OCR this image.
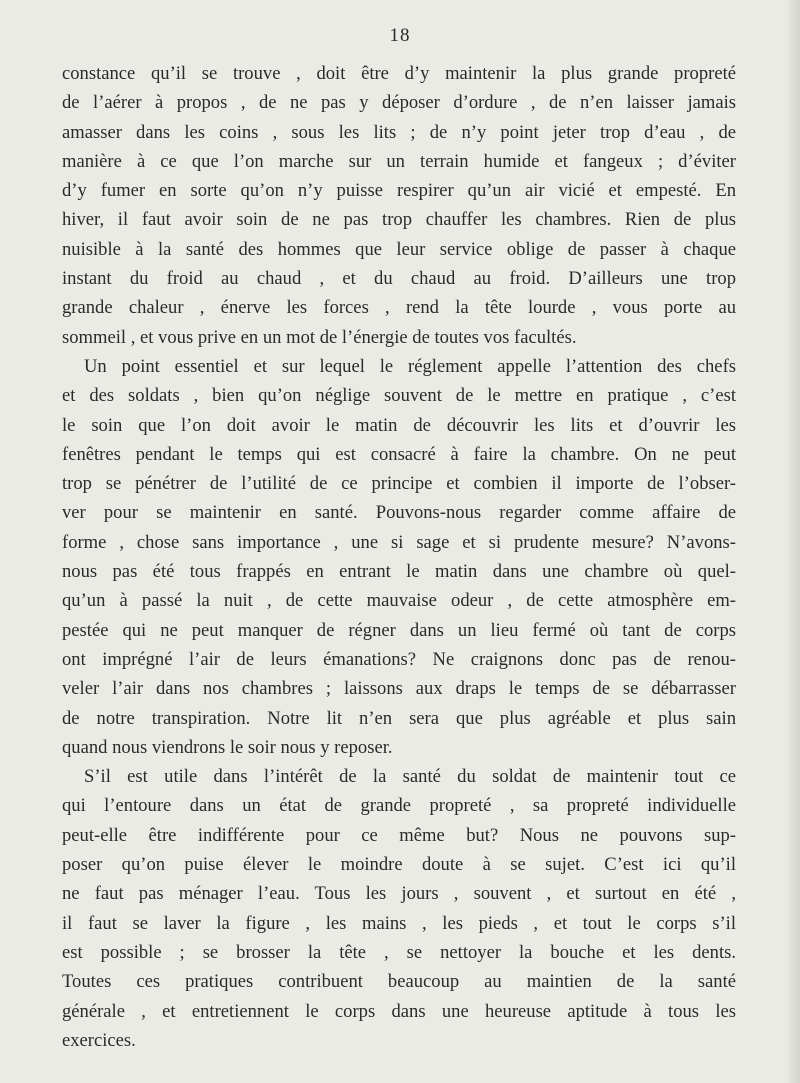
18
constance qu’il se trouve , doit être d’y maintenir la plus grande propreté
de l’aérer à propos , de ne pas y déposer d’ordure , de n’en laisser jamais
amasser dans les coins , sous les lits ; de n’y point jeter trop d’eau , de
manière à ce que l’on marche sur un terrain humide et fangeux ; d’éviter
d’y fumer en sorte qu’on n’y puisse respirer qu’un air vicié et empesté. En
hiver, il faut avoir soin de ne pas trop chauffer les chambres. Rien de plus
nuisible à la santé des hommes que leur service oblige de passer à chaque
instant du froid au chaud , et du chaud au froid. D’ailleurs une trop
grande chaleur , énerve les forces , rend la tête lourde , vous porte au
sommeil , et vous prive en un mot de l’énergie de toutes vos facultés.
Un point essentiel et sur lequel le réglement appelle l’attention des chefs
et des soldats , bien qu’on néglige souvent de le mettre en pratique , c’est
le soin que l’on doit avoir le matin de découvrir les lits et d’ouvrir les
fenêtres pendant le temps qui est consacré à faire la chambre. On ne peut
trop se pénétrer de l’utilité de ce principe et combien il importe de l’obser-
ver pour se maintenir en santé. Pouvons-nous regarder comme affaire de
forme , chose sans importance , une si sage et si prudente mesure? N’avons-
nous pas été tous frappés en entrant le matin dans une chambre où quel-
qu’un à passé la nuit , de cette mauvaise odeur , de cette atmosphère em-
pestée qui ne peut manquer de régner dans un lieu fermé où tant de corps
ont imprégné l’air de leurs émanations? Ne craignons donc pas de renou-
veler l’air dans nos chambres ; laissons aux draps le temps de se débarrasser
de notre transpiration. Notre lit n’en sera que plus agréable et plus sain
quand nous viendrons le soir nous y reposer.
S’il est utile dans l’intérêt de la santé du soldat de maintenir tout ce
qui l’entoure dans un état de grande propreté , sa propreté individuelle
peut-elle être indifférente pour ce même but? Nous ne pouvons sup-
poser qu’on puise élever le moindre doute à se sujet. C’est ici qu’il
ne faut pas ménager l’eau. Tous les jours , souvent , et surtout en été ,
il faut se laver la figure , les mains , les pieds , et tout le corps s’il
est possible ; se brosser la tête , se nettoyer la bouche et les dents.
Toutes ces pratiques contribuent beaucoup au maintien de la santé
générale , et entretiennent le corps dans une heureuse aptitude à tous les
exercices.
